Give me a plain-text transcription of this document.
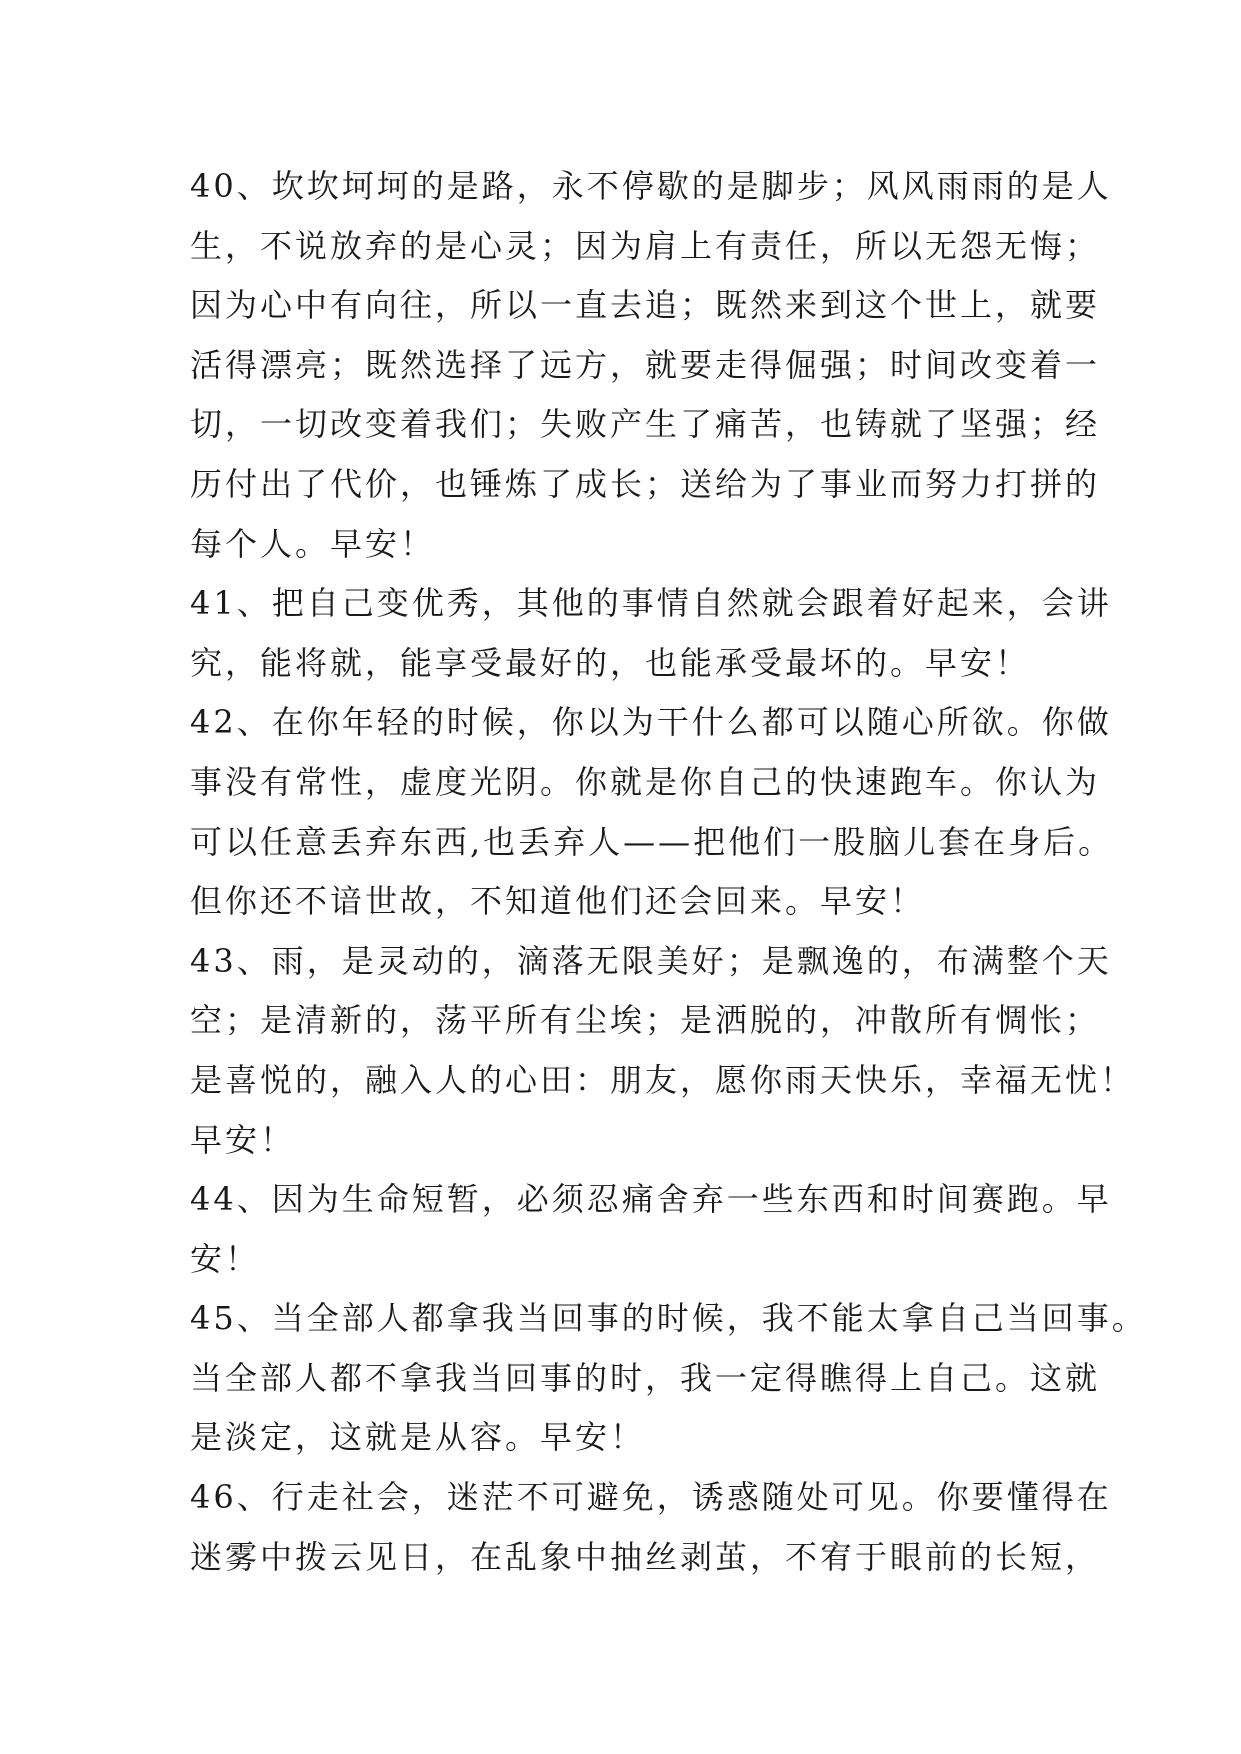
40、坎坎坷坷的是路，永不停歇的是脚步；风风雨雨的是人
生，不说放弃的是心灵；因为肩上有责任，所以无怨无悔；
因为心中有向往，所以一直去追；既然来到这个世上，就要
活得漂亮；既然选择了远方，就要走得倔强；时间改变着一
切，一切改变着我们；失败产生了痛苦，也铸就了坚强；经
历付出了代价，也锤炼了成长；送给为了事业而努力打拼的
每个人。早安！
41、把自己变优秀，其他的事情自然就会跟着好起来，会讲
究，能将就，能享受最好的，也能承受最坏的。早安！
42、在你年轻的时候，你以为干什么都可以随心所欲。你做
事没有常性，虚度光阴。你就是你自己的快速跑车。你认为
可以任意丢弃东西,也丢弃人——把他们一股脑儿套在身后。
但你还不谙世故，不知道他们还会回来。早安！
43、雨，是灵动的，滴落无限美好；是飘逸的，布满整个天
空；是清新的，荡平所有尘埃；是洒脱的，冲散所有惆怅；
是喜悦的，融入人的心田：朋友，愿你雨天快乐，幸福无忧！
早安！
44、因为生命短暂，必须忍痛舍弃一些东西和时间赛跑。早
安！
45、当全部人都拿我当回事的时候，我不能太拿自己当回事。
当全部人都不拿我当回事的时，我一定得瞧得上自己。这就
是淡定，这就是从容。早安！
46、行走社会，迷茫不可避免，诱惑随处可见。你要懂得在
迷雾中拨云见日，在乱象中抽丝剥茧，不宥于眼前的长短，
